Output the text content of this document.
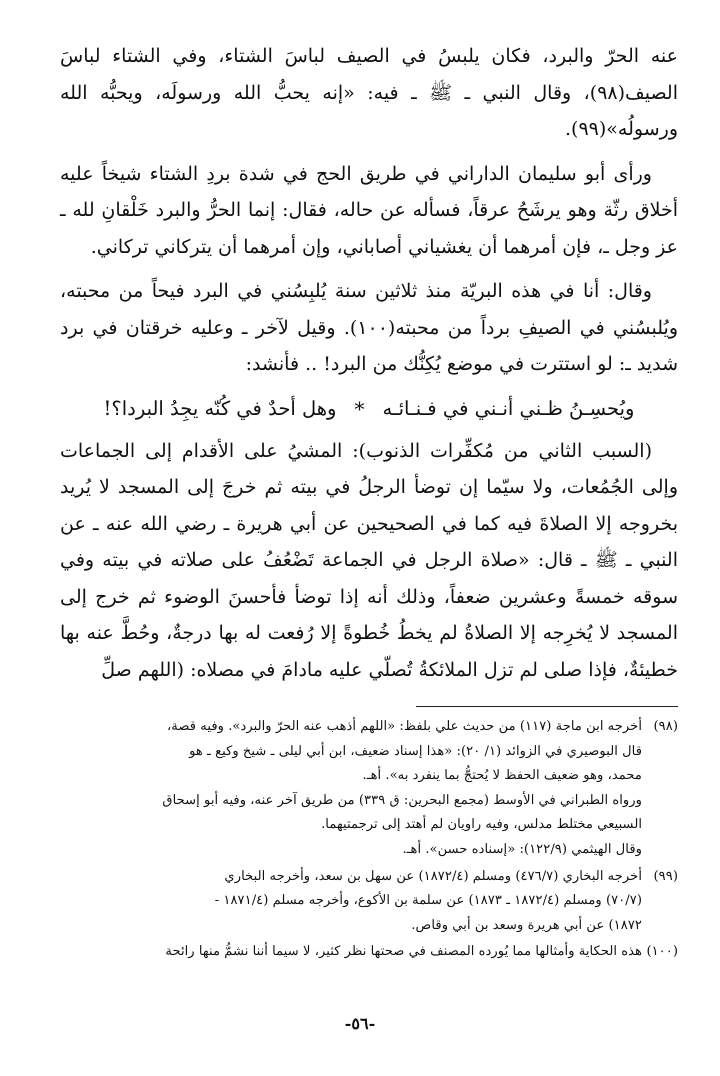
عنه الحرّ والبرد، فكان يلبسُ في الصيف لباسَ الشتاء، وفي الشتاء لباسَ الصيف(٩٨)، وقال النبي ـ ﷺ ـ فيه: «إنه يحبُّ الله ورسولَه، ويحبُّه الله ورسولُه»(٩٩).

ورأى أبو سليمان الداراني في طريق الحج في شدة بردِ الشتاء شيخاً عليه أخلاق رثّة وهو يرشَحُ عرقاً، فسأله عن حاله، فقال: إنما الحرُّ والبرد خَلْقانِ لله ـ عز وجل ـ، فإن أمرهما أن يغشياني أصاباني، وإن أمرهما أن يتركاني تركاني.

وقال: أنا في هذه البريّة منذ ثلاثين سنة يُلبِسُني في البرد فيحاً من محبته، ويُلبسُني في الصيفِ برداً من محبته(١٠٠). وقيل لآخر ـ وعليه خرقتان في برد شديد ـ: لو استترت في موضع يُكِنُّك من البرد! .. فأنشد:

ويُحسِـنُ ظـني أنـني في فـنـائـه
*
وهل أحدٌ في كُنّه يجِدُ البردا؟!

(السبب الثاني من مُكفِّرات الذنوب): المشيُ على الأقدام إلى الجماعات وإلى الجُمُعات، ولا سيّما إن توضأ الرجلُ في بيته ثم خرجَ إلى المسجد لا يُريد بخروجه إلا الصلاةَ فيه كما في الصحيحين عن أبي هريرة ـ رضي الله عنه ـ عن النبي ـ ﷺ ـ قال: «صلاة الرجل في الجماعة تَضْعُفُ على صلاته في بيته وفي سوقه خمسةً وعشرين ضعفاً، وذلك أنه إذا توضأ فأحسنَ الوضوء ثم خرج إلى المسجد لا يُخرِجه إلا الصلاةُ لم يخطُ خُطوةً إلا رُفعت له بها درجةٌ، وحُطَّ عنه بها خطيئةٌ، فإذا صلى لم تزل الملائكةُ تُصلّي عليه مادامَ في مصلاه: (اللهم صلِّ

(٩٨)
أخرجه ابن ماجة (١١٧) من حديث علي بلفظ: «اللهم أذهب عنه الحرّ والبرد». وفيه قصة،
قال البوصيري في الزوائد (١/ ٢٠): «هذا إسناد ضعيف، ابن أبي ليلى ـ شيخ وكيع ـ هو
محمد، وهو ضعيف الحفظ لا يُحتجُّ بما ينفرد به». أهـ.
ورواه الطبراني في الأوسط (مجمع البحرين: ق ٣٣٩) من طريق آخر عنه، وفيه أبو إسحاق
السبيعي مختلط مدلس، وفيه راويان لم أهتد إلى ترجمتيهما.
وقال الهيثمي (١٢٢/٩): «إسناده حسن». أهـ.
(٩٩)
أخرجه البخاري (٤٧٦/٧) ومسلم (١٨٧٢/٤) عن سهل بن سعد، وأخرجه البخاري
(٧٠/٧) ومسلم (١٨٧٢/٤ ـ ١٨٧٣) عن سلمة بن الأكوع، وأخرجه مسلم (١٨٧١/٤ -
١٨٧٢) عن أبي هريرة وسعد بن أبي وقاص.
(١٠٠)
هذه الحكاية وأمثالها مما يُورده المصنف في صحتها نظر كثير، لا سيما أننا نشمُّ منها رائحة
-٥٦-
